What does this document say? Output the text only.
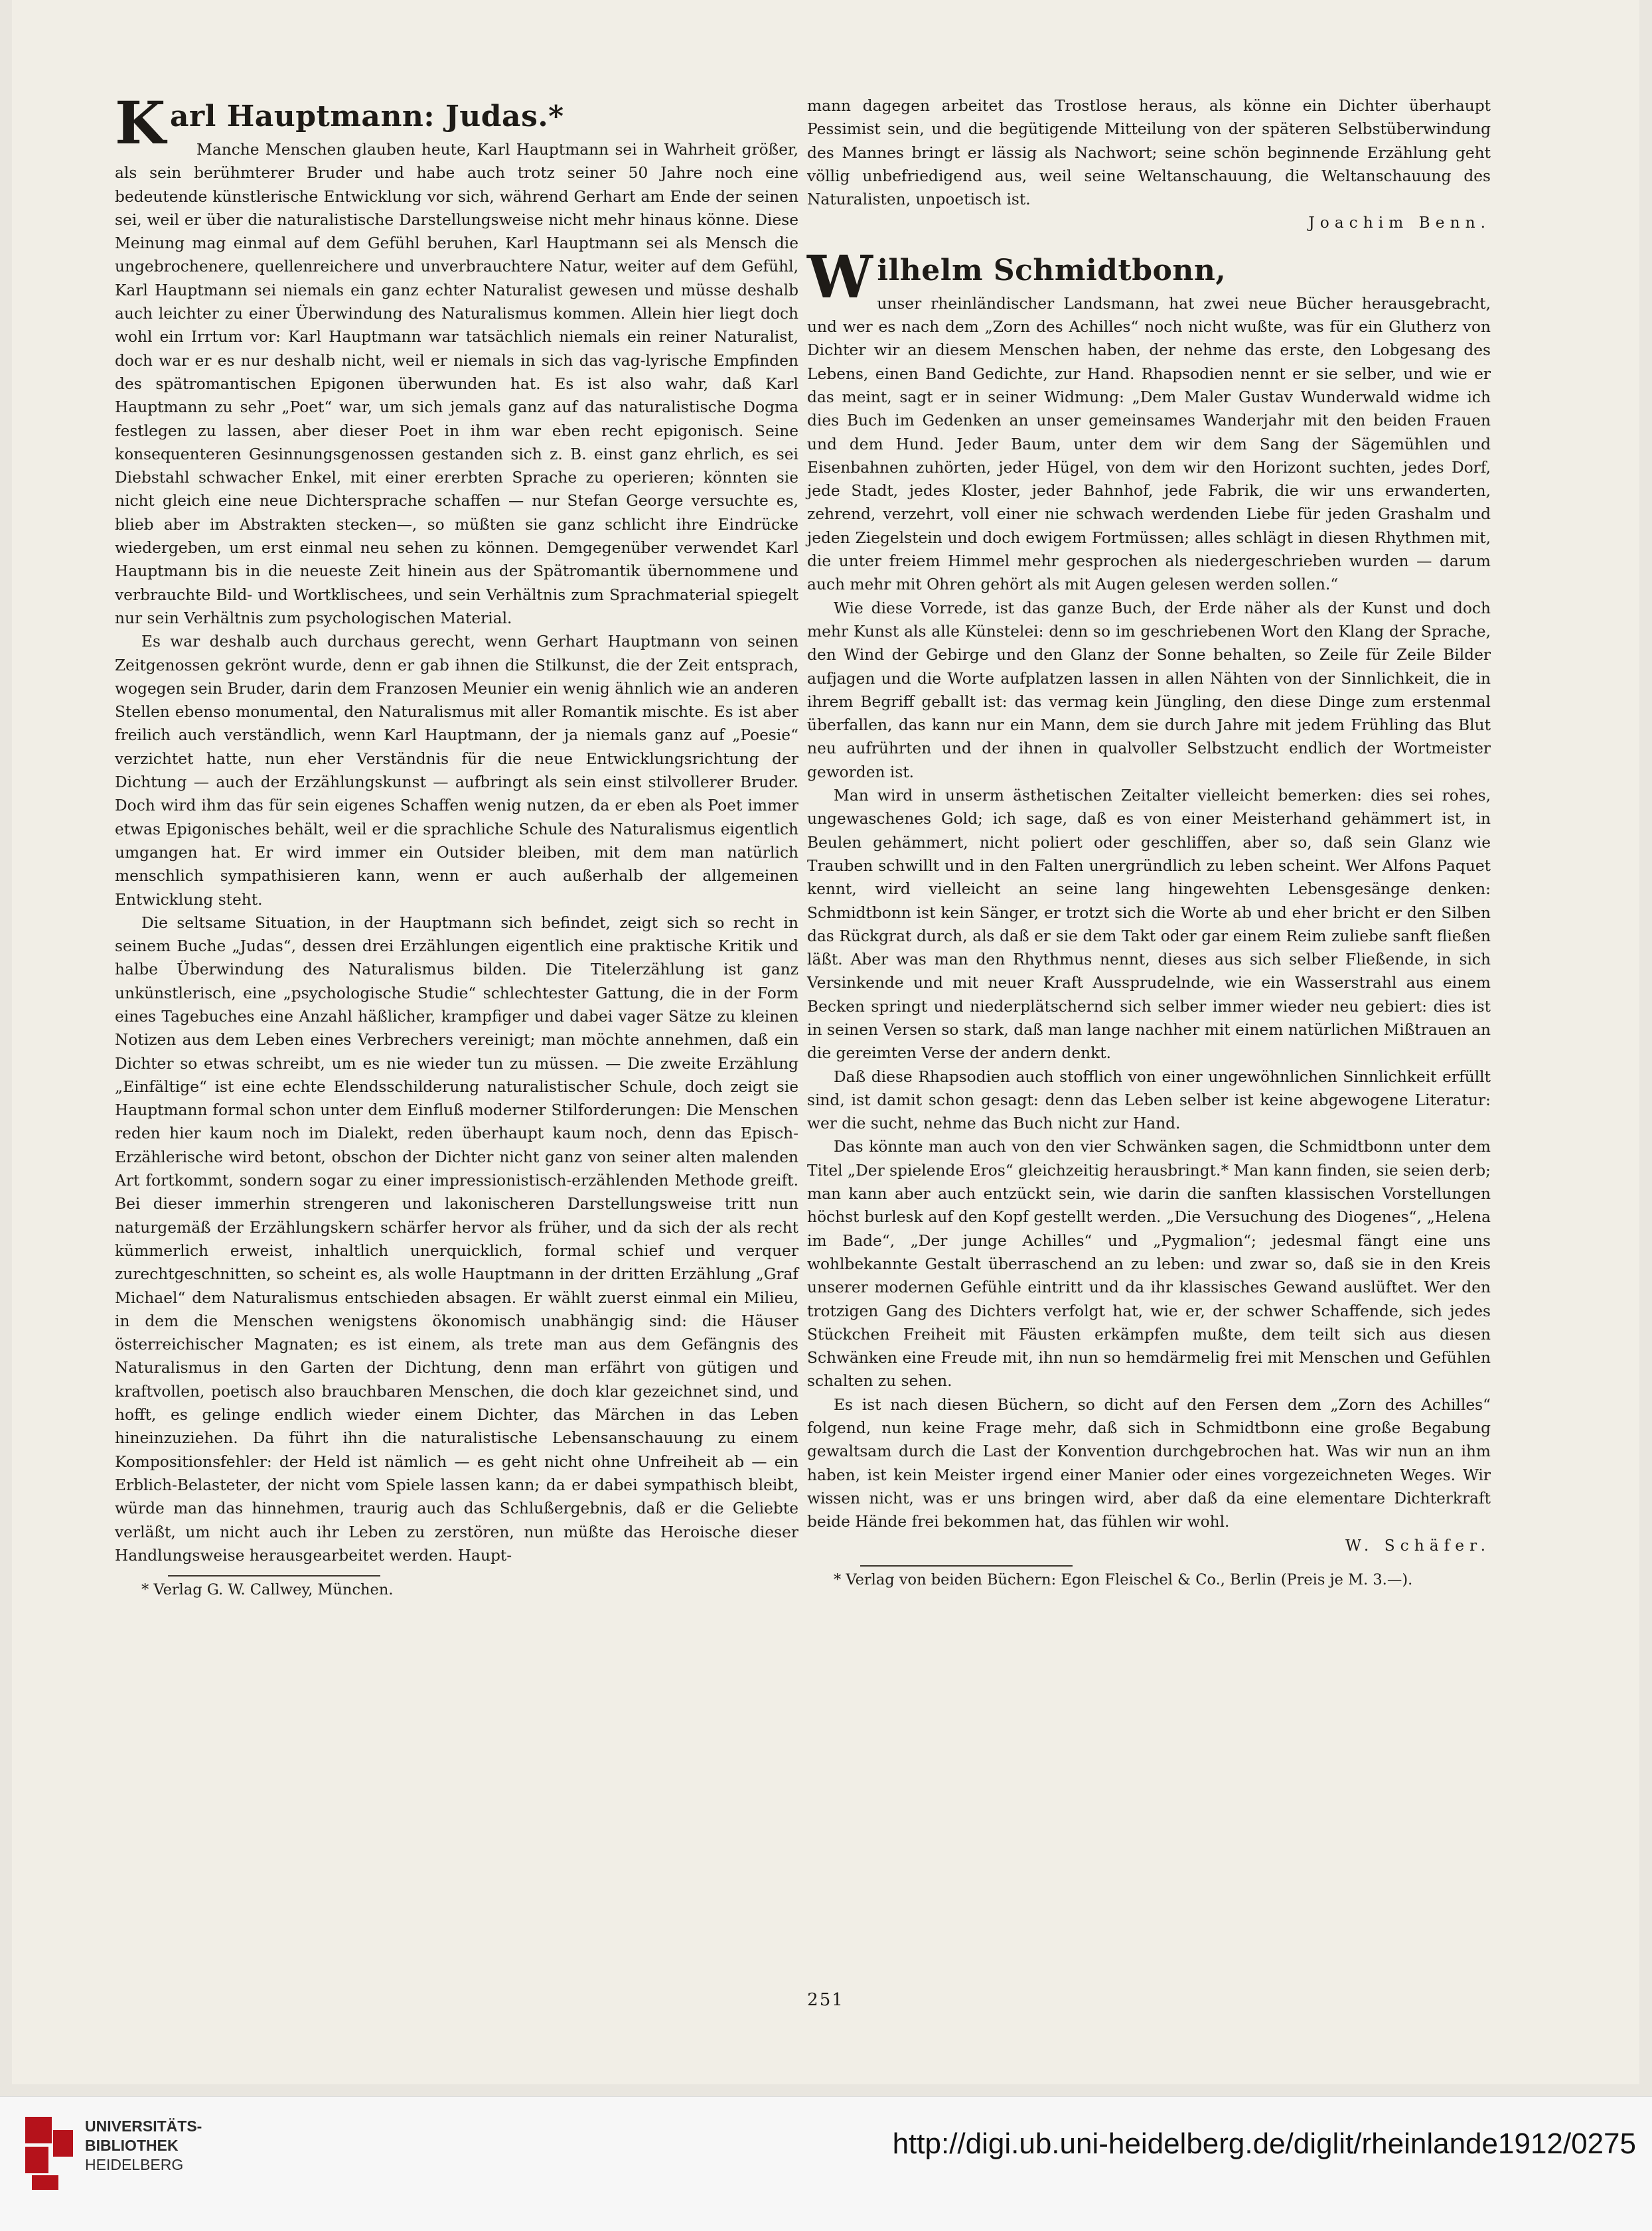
Karl Hauptmann: Judas.*

Manche Menschen glauben heute, Karl Hauptmann sei in Wahrheit größer, als sein berühmterer Bruder und habe auch trotz seiner 50 Jahre noch eine bedeutende künstlerische Entwicklung vor sich, während Gerhart am Ende der seinen sei, weil er über die naturalistische Darstellungsweise nicht mehr hinaus könne. Diese Meinung mag einmal auf dem Gefühl beruhen, Karl Hauptmann sei als Mensch die ungebrochenere, quellenreichere und unverbrauchtere Natur, weiter auf dem Gefühl, Karl Hauptmann sei niemals ein ganz echter Naturalist gewesen und müsse deshalb auch leichter zu einer Überwindung des Naturalismus kommen. Allein hier liegt doch wohl ein Irrtum vor: Karl Hauptmann war tatsächlich niemals ein reiner Naturalist, doch war er es nur deshalb nicht, weil er niemals in sich das vag-lyrische Empfinden des spätromantischen Epigonen überwunden hat. Es ist also wahr, daß Karl Hauptmann zu sehr „Poet“ war, um sich jemals ganz auf das naturalistische Dogma festlegen zu lassen, aber dieser Poet in ihm war eben recht epigonisch. Seine konsequenteren Gesinnungsgenossen gestanden sich z. B. einst ganz ehrlich, es sei Diebstahl schwacher Enkel, mit einer ererbten Sprache zu operieren; könnten sie nicht gleich eine neue Dichtersprache schaffen — nur Stefan George versuchte es, blieb aber im Abstrakten stecken—, so müßten sie ganz schlicht ihre Eindrücke wiedergeben, um erst einmal neu sehen zu können. Demgegenüber verwendet Karl Hauptmann bis in die neueste Zeit hinein aus der Spätromantik übernommene und verbrauchte Bild- und Wortklischees, und sein Verhältnis zum Sprachmaterial spiegelt nur sein Verhältnis zum psychologischen Material.

Es war deshalb auch durchaus gerecht, wenn Gerhart Hauptmann von seinen Zeitgenossen gekrönt wurde, denn er gab ihnen die Stilkunst, die der Zeit entsprach, wogegen sein Bruder, darin dem Franzosen Meunier ein wenig ähnlich wie an anderen Stellen ebenso monumental, den Naturalismus mit aller Romantik mischte. Es ist aber freilich auch verständlich, wenn Karl Hauptmann, der ja niemals ganz auf „Poesie“ verzichtet hatte, nun eher Verständnis für die neue Entwicklungsrichtung der Dichtung — auch der Erzählungskunst — aufbringt als sein einst stilvollerer Bruder. Doch wird ihm das für sein eigenes Schaffen wenig nutzen, da er eben als Poet immer etwas Epigonisches behält, weil er die sprachliche Schule des Naturalismus eigentlich umgangen hat. Er wird immer ein Outsider bleiben, mit dem man natürlich menschlich sympathisieren kann, wenn er auch außerhalb der allgemeinen Entwicklung steht.

Die seltsame Situation, in der Hauptmann sich befindet, zeigt sich so recht in seinem Buche „Judas“, dessen drei Erzählungen eigentlich eine praktische Kritik und halbe Überwindung des Naturalismus bilden. Die Titelerzählung ist ganz unkünstlerisch, eine „psychologische Studie“ schlechtester Gattung, die in der Form eines Tagebuches eine Anzahl häßlicher, krampfiger und dabei vager Sätze zu kleinen Notizen aus dem Leben eines Verbrechers vereinigt; man möchte annehmen, daß ein Dichter so etwas schreibt, um es nie wieder tun zu müssen. — Die zweite Erzählung „Einfältige“ ist eine echte Elendsschilderung naturalistischer Schule, doch zeigt sie Hauptmann formal schon unter dem Einfluß moderner Stilforderungen: Die Menschen reden hier kaum noch im Dialekt, reden überhaupt kaum noch, denn das Episch-Erzählerische wird betont, obschon der Dichter nicht ganz von seiner alten malenden Art fortkommt, sondern sogar zu einer impressionistisch-erzählenden Methode greift. Bei dieser immerhin strengeren und lakonischeren Darstellungsweise tritt nun naturgemäß der Erzählungskern schärfer hervor als früher, und da sich der als recht kümmerlich erweist, inhaltlich unerquicklich, formal schief und verquer zurechtgeschnitten, so scheint es, als wolle Hauptmann in der dritten Erzählung „Graf Michael“ dem Naturalismus entschieden absagen. Er wählt zuerst einmal ein Milieu, in dem die Menschen wenigstens ökonomisch unabhängig sind: die Häuser österreichischer Magnaten; es ist einem, als trete man aus dem Gefängnis des Naturalismus in den Garten der Dichtung, denn man erfährt von gütigen und kraftvollen, poetisch also brauchbaren Menschen, die doch klar gezeichnet sind, und hofft, es gelinge endlich wieder einem Dichter, das Märchen in das Leben hineinzuziehen. Da führt ihn die naturalistische Lebensanschauung zu einem Kompositionsfehler: der Held ist nämlich — es geht nicht ohne Unfreiheit ab — ein Erblich-Belasteter, der nicht vom Spiele lassen kann; da er dabei sympathisch bleibt, würde man das hinnehmen, traurig auch das Schlußergebnis, daß er die Geliebte verläßt, um nicht auch ihr Leben zu zerstören, nun müßte das Heroische dieser Handlungsweise herausgearbeitet werden. Haupt-

* Verlag G. W. Callwey, München.

mann dagegen arbeitet das Trostlose heraus, als könne ein Dichter überhaupt Pessimist sein, und die begütigende Mitteilung von der späteren Selbstüberwindung des Mannes bringt er lässig als Nachwort; seine schön beginnende Erzählung geht völlig unbefriedigend aus, weil seine Weltanschauung, die Weltanschauung des Naturalisten, unpoetisch ist.

Joachim Benn.

Wilhelm Schmidtbonn,

unser rheinländischer Landsmann, hat zwei neue Bücher herausgebracht, und wer es nach dem „Zorn des Achilles“ noch nicht wußte, was für ein Glutherz von Dichter wir an diesem Menschen haben, der nehme das erste, den Lobgesang des Lebens, einen Band Gedichte, zur Hand. Rhapsodien nennt er sie selber, und wie er das meint, sagt er in seiner Widmung: „Dem Maler Gustav Wunderwald widme ich dies Buch im Gedenken an unser gemeinsames Wanderjahr mit den beiden Frauen und dem Hund. Jeder Baum, unter dem wir dem Sang der Sägemühlen und Eisenbahnen zuhörten, jeder Hügel, von dem wir den Horizont suchten, jedes Dorf, jede Stadt, jedes Kloster, jeder Bahnhof, jede Fabrik, die wir uns erwanderten, zehrend, verzehrt, voll einer nie schwach werdenden Liebe für jeden Grashalm und jeden Ziegelstein und doch ewigem Fortmüssen; alles schlägt in diesen Rhythmen mit, die unter freiem Himmel mehr gesprochen als niedergeschrieben wurden — darum auch mehr mit Ohren gehört als mit Augen gelesen werden sollen.“

Wie diese Vorrede, ist das ganze Buch, der Erde näher als der Kunst und doch mehr Kunst als alle Künstelei: denn so im geschriebenen Wort den Klang der Sprache, den Wind der Gebirge und den Glanz der Sonne behalten, so Zeile für Zeile Bilder aufjagen und die Worte aufplatzen lassen in allen Nähten von der Sinnlichkeit, die in ihrem Begriff geballt ist: das vermag kein Jüngling, den diese Dinge zum erstenmal überfallen, das kann nur ein Mann, dem sie durch Jahre mit jedem Frühling das Blut neu aufrührten und der ihnen in qualvoller Selbstzucht endlich der Wortmeister geworden ist.

Man wird in unserm ästhetischen Zeitalter vielleicht bemerken: dies sei rohes, ungewaschenes Gold; ich sage, daß es von einer Meisterhand gehämmert ist, in Beulen gehämmert, nicht poliert oder geschliffen, aber so, daß sein Glanz wie Trauben schwillt und in den Falten unergründlich zu leben scheint. Wer Alfons Paquet kennt, wird vielleicht an seine lang hingewehten Lebensgesänge denken: Schmidtbonn ist kein Sänger, er trotzt sich die Worte ab und eher bricht er den Silben das Rückgrat durch, als daß er sie dem Takt oder gar einem Reim zuliebe sanft fließen läßt. Aber was man den Rhythmus nennt, dieses aus sich selber Fließende, in sich Versinkende und mit neuer Kraft Aussprudelnde, wie ein Wasserstrahl aus einem Becken springt und niederplätschernd sich selber immer wieder neu gebiert: dies ist in seinen Versen so stark, daß man lange nachher mit einem natürlichen Mißtrauen an die gereimten Verse der andern denkt.

Daß diese Rhapsodien auch stofflich von einer ungewöhnlichen Sinnlichkeit erfüllt sind, ist damit schon gesagt: denn das Leben selber ist keine abgewogene Literatur: wer die sucht, nehme das Buch nicht zur Hand.

Das könnte man auch von den vier Schwänken sagen, die Schmidtbonn unter dem Titel „Der spielende Eros“ gleichzeitig herausbringt.* Man kann finden, sie seien derb; man kann aber auch entzückt sein, wie darin die sanften klassischen Vorstellungen höchst burlesk auf den Kopf gestellt werden. „Die Versuchung des Diogenes“, „Helena im Bade“, „Der junge Achilles“ und „Pygmalion“; jedesmal fängt eine uns wohlbekannte Gestalt überraschend an zu leben: und zwar so, daß sie in den Kreis unserer modernen Gefühle eintritt und da ihr klassisches Gewand auslüftet. Wer den trotzigen Gang des Dichters verfolgt hat, wie er, der schwer Schaffende, sich jedes Stückchen Freiheit mit Fäusten erkämpfen mußte, dem teilt sich aus diesen Schwänken eine Freude mit, ihn nun so hemdärmelig frei mit Menschen und Gefühlen schalten zu sehen.

Es ist nach diesen Büchern, so dicht auf den Fersen dem „Zorn des Achilles“ folgend, nun keine Frage mehr, daß sich in Schmidtbonn eine große Begabung gewaltsam durch die Last der Konvention durchgebrochen hat. Was wir nun an ihm haben, ist kein Meister irgend einer Manier oder eines vorgezeichneten Weges. Wir wissen nicht, was er uns bringen wird, aber daß da eine elementare Dichterkraft beide Hände frei bekommen hat, das fühlen wir wohl.

W. Schäfer.

* Verlag von beiden Büchern: Egon Fleischel & Co., Berlin (Preis je M. 3.—).

251
UNIVERSITÄTS-
BIBLIOTHEK
HEIDELBERG
http://digi.ub.uni-heidelberg.de/diglit/rheinlande1912/0275
